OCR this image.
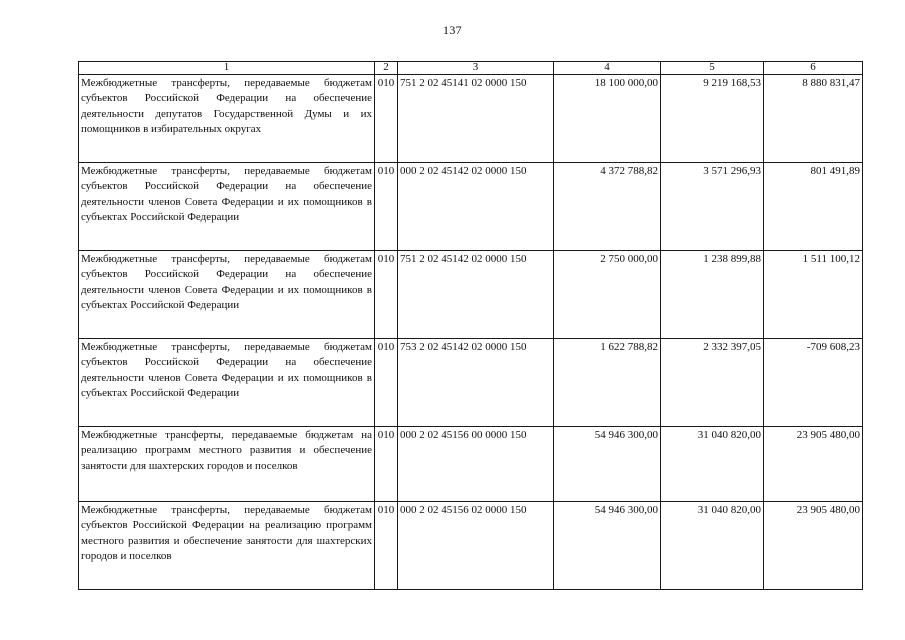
137
1	2	3	4	5	6
Межбюджетные трансферты, передаваемые бюджетам субъектов Российской Федерации на обеспечение деятельности депутатов Государственной Думы и их помощников в избирательных округах	010	751 2 02 45141 02 0000 150	18 100 000,00	9 219 168,53	8 880 831,47
Межбюджетные трансферты, передаваемые бюджетам субъектов Российской Федерации на обеспечение деятельности членов Совета Федерации и их помощников в субъектах Российской Федерации	010	000 2 02 45142 02 0000 150	4 372 788,82	3 571 296,93	801 491,89
Межбюджетные трансферты, передаваемые бюджетам субъектов Российской Федерации на обеспечение деятельности членов Совета Федерации и их помощников в субъектах Российской Федерации	010	751 2 02 45142 02 0000 150	2 750 000,00	1 238 899,88	1 511 100,12
Межбюджетные трансферты, передаваемые бюджетам субъектов Российской Федерации на обеспечение деятельности членов Совета Федерации и их помощников в субъектах Российской Федерации	010	753 2 02 45142 02 0000 150	1 622 788,82	2 332 397,05	-709 608,23
Межбюджетные трансферты, передаваемые бюджетам на реализацию программ местного развития и обеспечение занятости для шахтерских городов и поселков	010	000 2 02 45156 00 0000 150	54 946 300,00	31 040 820,00	23 905 480,00
Межбюджетные трансферты, передаваемые бюджетам субъектов Российской Федерации на реализацию программ местного развития и обеспечение занятости для шахтерских городов и поселков	010	000 2 02 45156 02 0000 150	54 946 300,00	31 040 820,00	23 905 480,00
